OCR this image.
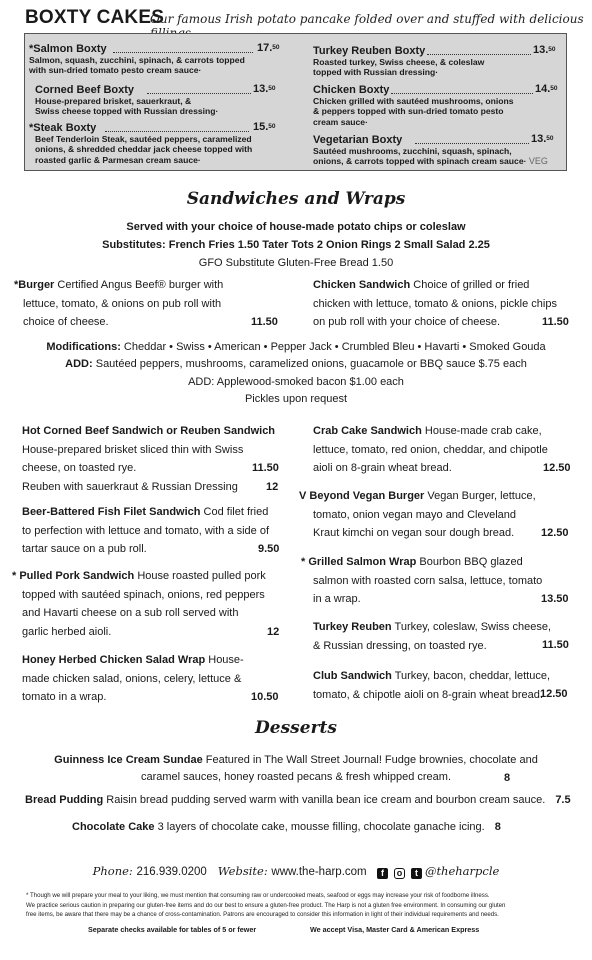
BOXTY CAKES
Our famous Irish potato pancake folded over and stuffed with delicious
*Salmon Boxty
Salmon, squash, zucchini, spinach, & carrots topped
with sun-dried tomato pesto cream sauce·
17.50
Corned Beef Boxty
House-prepared brisket, sauerkraut, &
Swiss cheese topped with Russian dressing·
13.50
*Steak Boxty
Beef Tenderloin Steak, sautéed peppers, caramelized
onions, & shredded cheddar jack cheese topped with
roasted garlic & Parmesan cream sauce·
15.50
Turkey Reuben Boxty
Roasted turkey, Swiss cheese, & coleslaw
topped with Russian dressing·
13.50
Chicken Boxty
Chicken grilled with sautéed mushrooms, onions
& peppers topped with sun-dried tomato pesto
cream sauce·
14.50
Vegetarian Boxty
Sautéed mushrooms, zucchini, squash, spinach,
onions, & carrots topped with spinach cream sauce· VEG
13.50
Sandwiches and Wraps
Served with your choice of house-made potato chips or coleslaw
Substitutes: French Fries 1.50 Tater Tots 2 Onion Rings 2 Small Salad 2.25
GFO Substitute Gluten-Free Bread 1.50
*Burger Certified Angus Beef® burger with
lettuce, tomato, & onions on pub roll with
choice of cheese.	11.50
Chicken Sandwich Choice of grilled or fried
chicken with lettuce, tomato & onions, pickle chips
on pub roll with your choice of cheese.	11.50
Modifications: Cheddar • Swiss • American • Pepper Jack • Crumbled Bleu • Havarti • Smoked Gouda
ADD: Sautéed peppers, mushrooms, caramelized onions, guacamole or BBQ sauce $.75 each
ADD: Applewood-smoked bacon $1.00 each
Pickles upon request
Hot Corned Beef Sandwich or Reuben Sandwich
House-prepared brisket sliced thin with Swiss
cheese, on toasted rye.
Reuben with sauerkraut & Russian Dressing
11.50
12
Beer-Battered Fish Filet Sandwich Cod filet fried
to perfection with lettuce and tomato, with a side of
tartar sauce on a pub roll.	9.50
* Pulled Pork Sandwich House roasted pulled pork
topped with sautéed spinach, onions, red peppers
and Havarti cheese on a sub roll served with
garlic herbed aioli.	12
Honey Herbed Chicken Salad Wrap House-
made chicken salad, onions, celery, lettuce &
tomato in a wrap.	10.50
Crab Cake Sandwich House-made crab cake,
lettuce, tomato, red onion, cheddar, and chipotle
aioli on 8-grain wheat bread.	12.50
V Beyond Vegan Burger Vegan Burger, lettuce,
tomato, onion vegan mayo and Cleveland
Kraut kimchi on vegan sour dough bread.	12.50
* Grilled Salmon Wrap Bourbon BBQ glazed
salmon with roasted corn salsa, lettuce, tomato
in a wrap.	13.50
Turkey Reuben Turkey, coleslaw, Swiss cheese,
& Russian dressing, on toasted rye.	11.50
Club Sandwich Turkey, bacon, cheddar, lettuce,
tomato, & chipotle aioli on 8-grain wheat bread.
12.50
Desserts
Guinness Ice Cream Sundae Featured in The Wall Street Journal! Fudge brownies, chocolate and
caramel sauces, honey roasted pecans & fresh whipped cream.	8
Bread Pudding Raisin bread pudding served warm with vanilla bean ice cream and bourbon cream sauce. 7.5
Chocolate Cake 3 layers of chocolate cake, mousse filling, chocolate ganache icing. 8
Phone: 216.939.0200 Website: www.the-harp.com f o t @theharpcle
* Though we will prepare your meal to your liking, we must mention that consuming raw or undercooked meats, seafood or eggs may increase your risk of foodborne illness.
We practice serious caution in preparing our gluten-free items and do our best to ensure a gluten-free product. The Harp is not a gluten free environment. In consuming our gluten
free items, be aware that there may be a chance of cross-contamination. Patrons are encouraged to consider this information in light of their individual requirements and needs.
Separate checks available for tables of 5 or fewer	We accept Visa, Master Card & American Express
